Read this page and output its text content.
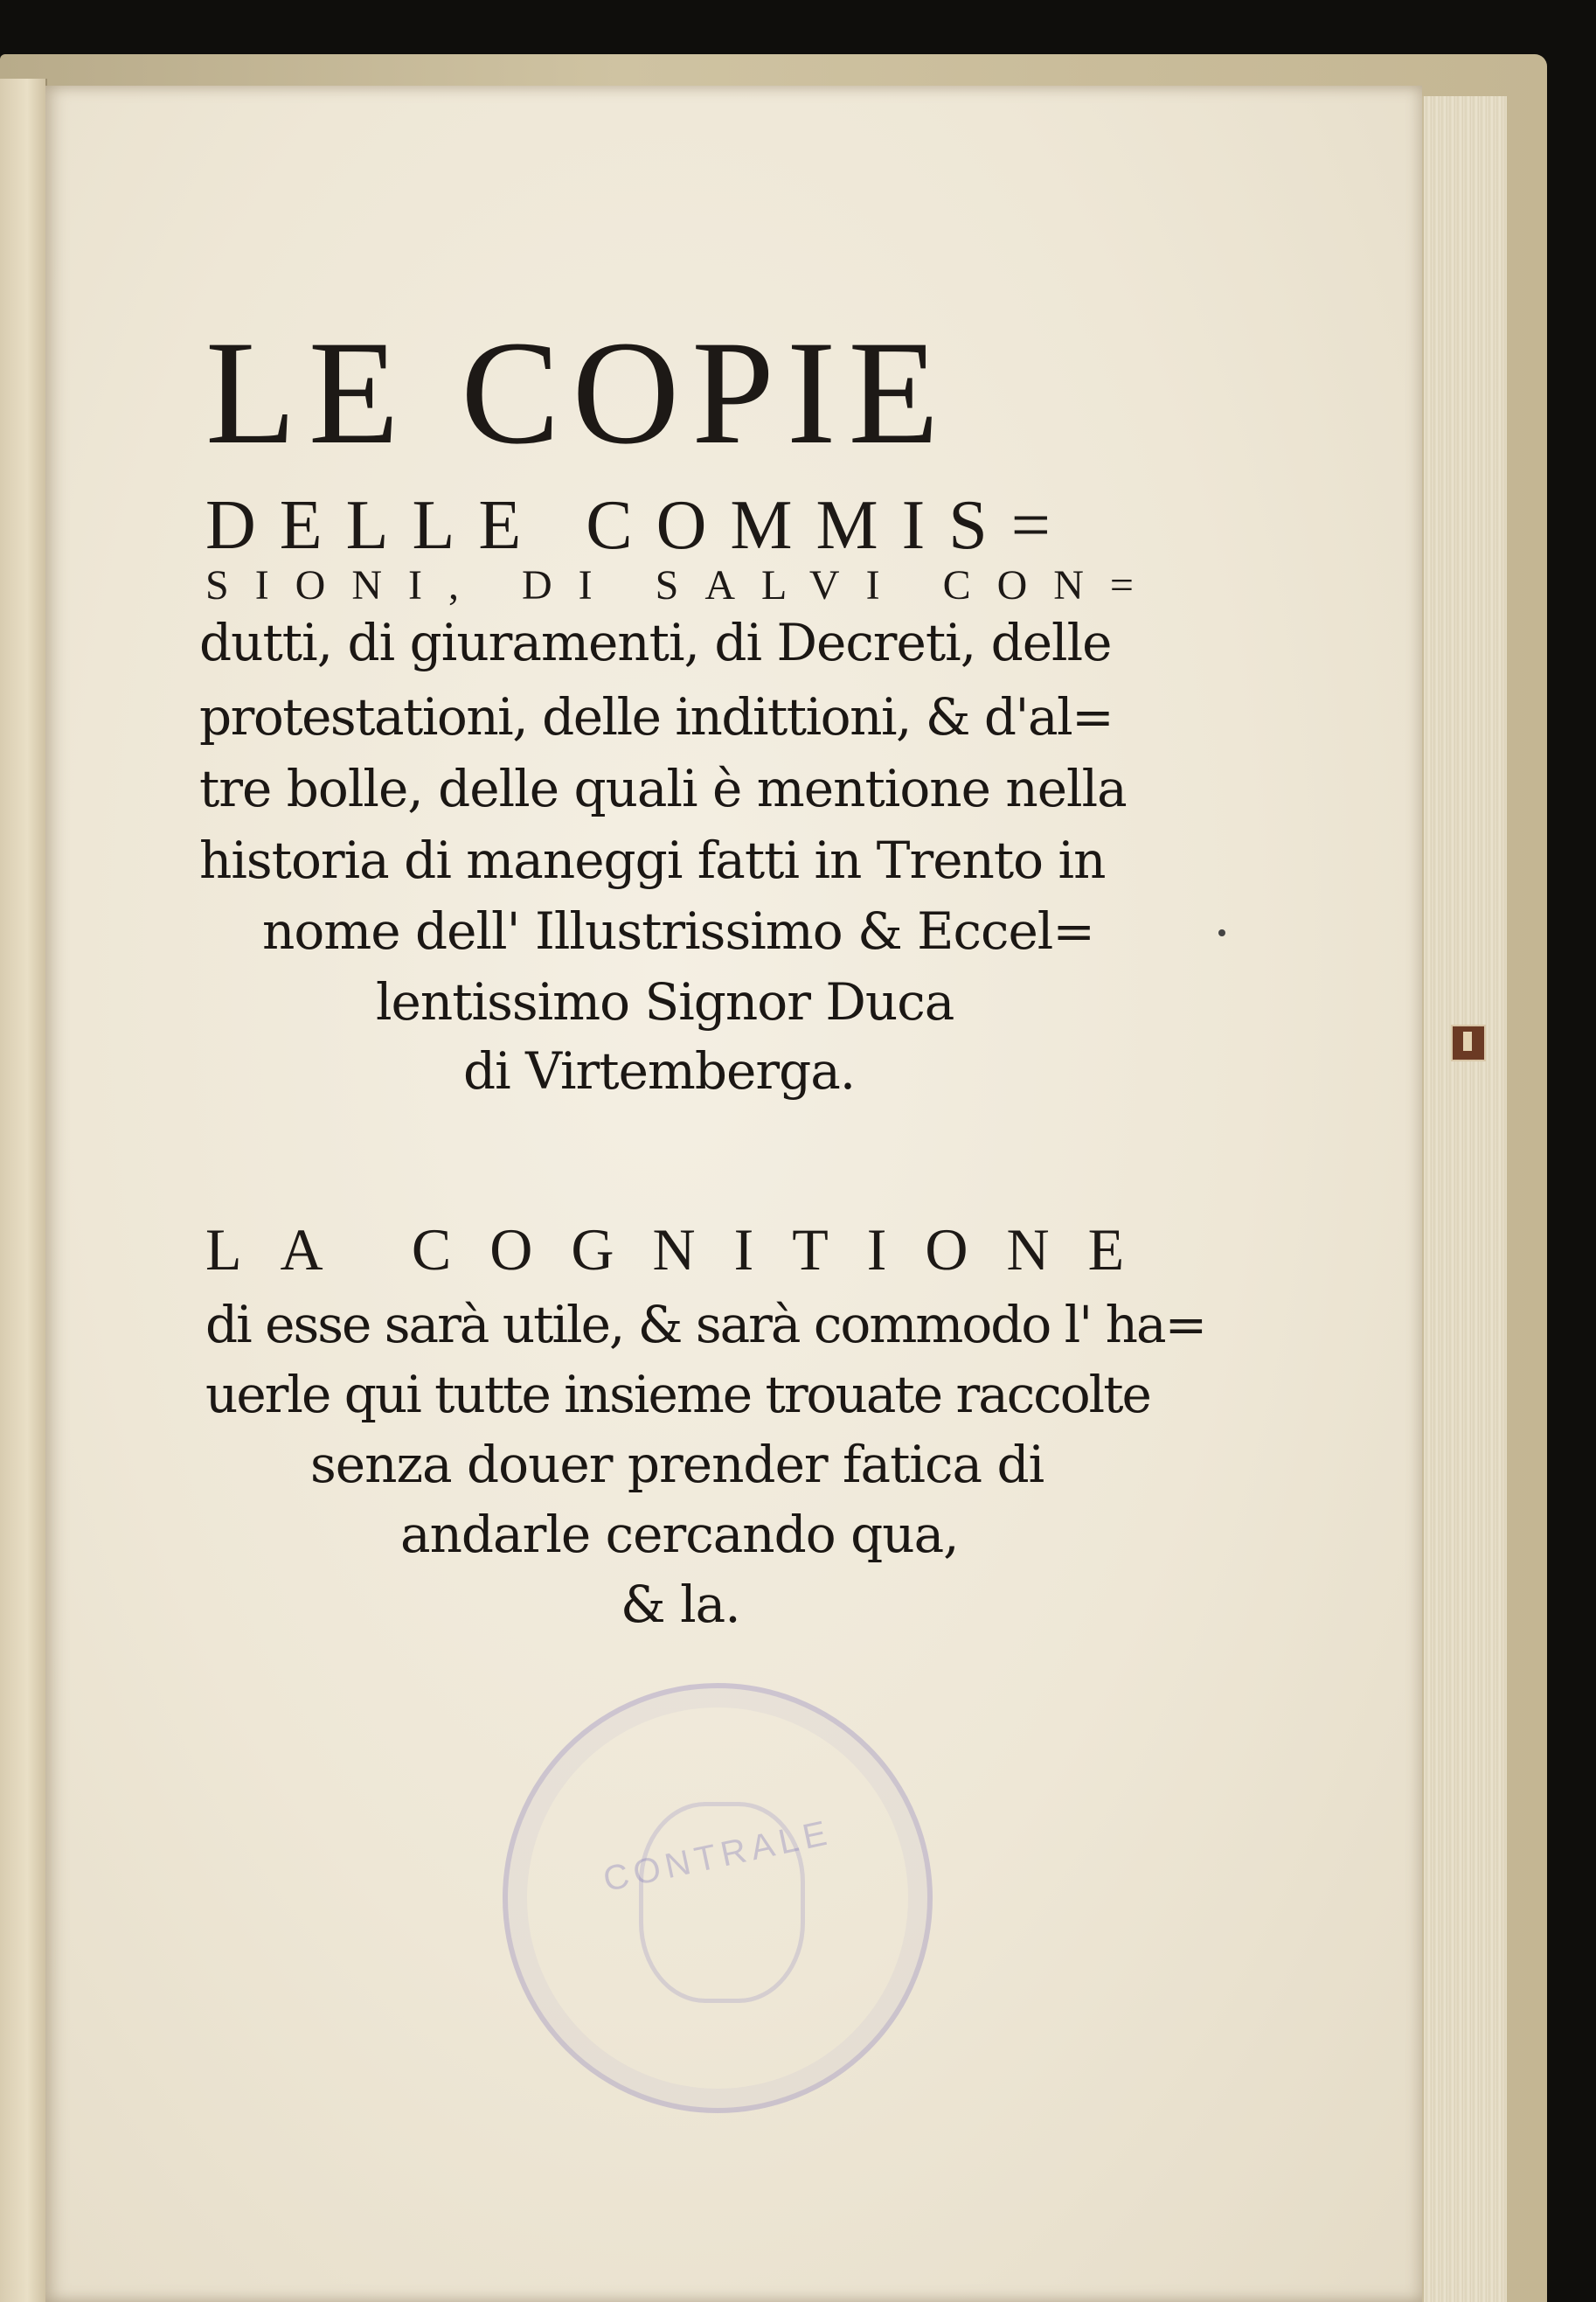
LE COPIE
DELLE COMMIS=
SIONI, DI SALVI CON=
dutti, di giuramenti, di Decreti, delle
protestationi, delle indittioni, & d'al=
tre bolle, delle quali è mentione nella
historia di maneggi fatti in Trento in
nome dell' Illustrissimo & Eccel=
lentissimo Signor Duca
di Virtemberga.
LA COGNITIONE
di esse sarà utile, & sarà commodo l' ha=
uerle qui tutte insieme trouate raccolte
senza douer prender fatica di
andarle cercando qua,
& la.
CONTRALE
